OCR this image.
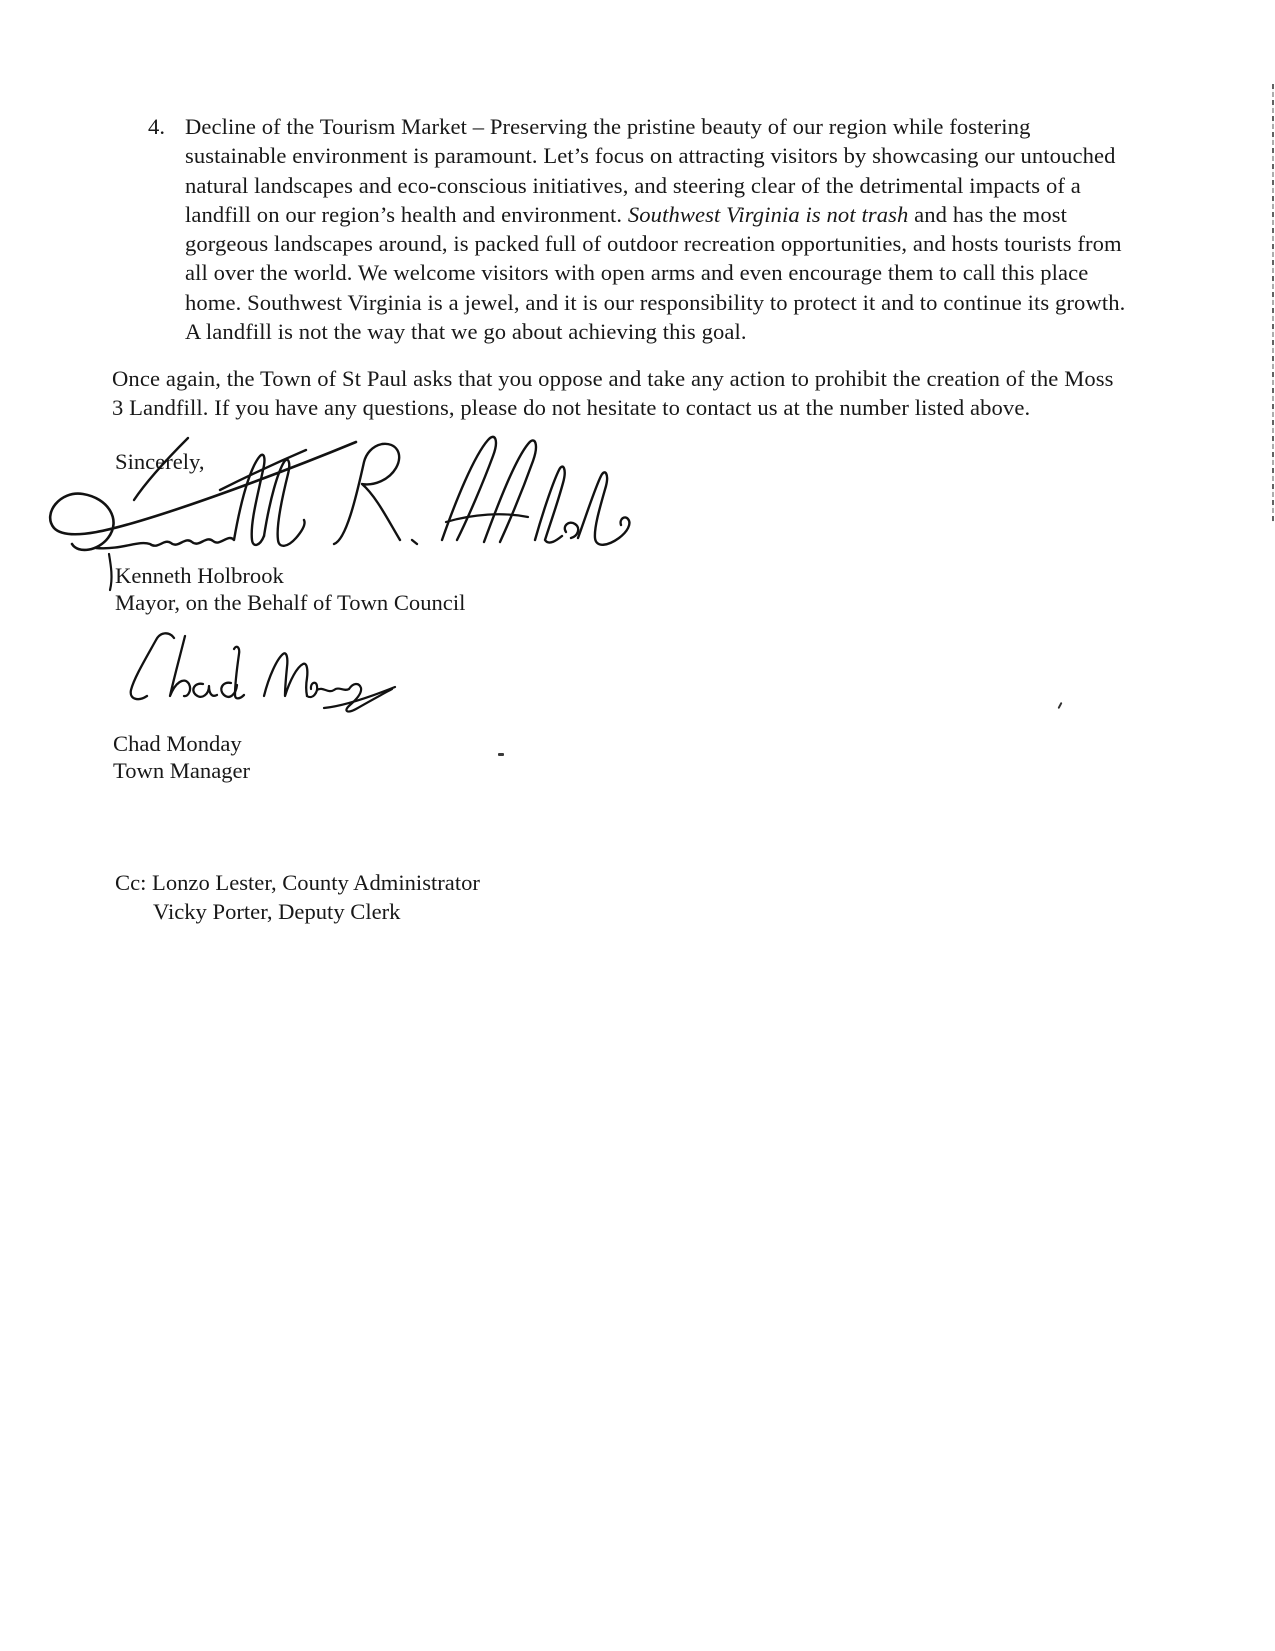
4. Decline of the Tourism Market – Preserving the pristine beauty of our region while fostering
sustainable environment is paramount. Let’s focus on attracting visitors by showcasing our untouched
natural landscapes and eco-conscious initiatives, and steering clear of the detrimental impacts of a
landfill on our region’s health and environment. Southwest Virginia is not trash and has the most
gorgeous landscapes around, is packed full of outdoor recreation opportunities, and hosts tourists from
all over the world. We welcome visitors with open arms and even encourage them to call this place
home. Southwest Virginia is a jewel, and it is our responsibility to protect it and to continue its growth.
A landfill is not the way that we go about achieving this goal.
Once again, the Town of St Paul asks that you oppose and take any action to prohibit the creation of the Moss
3 Landfill. If you have any questions, please do not hesitate to contact us at the number listed above.
Sincerely,
Kenneth Holbrook
Mayor, on the Behalf of Town Council
Chad Monday
Town Manager
Cc: Lonzo Lester, County Administrator
Vicky Porter, Deputy Clerk
